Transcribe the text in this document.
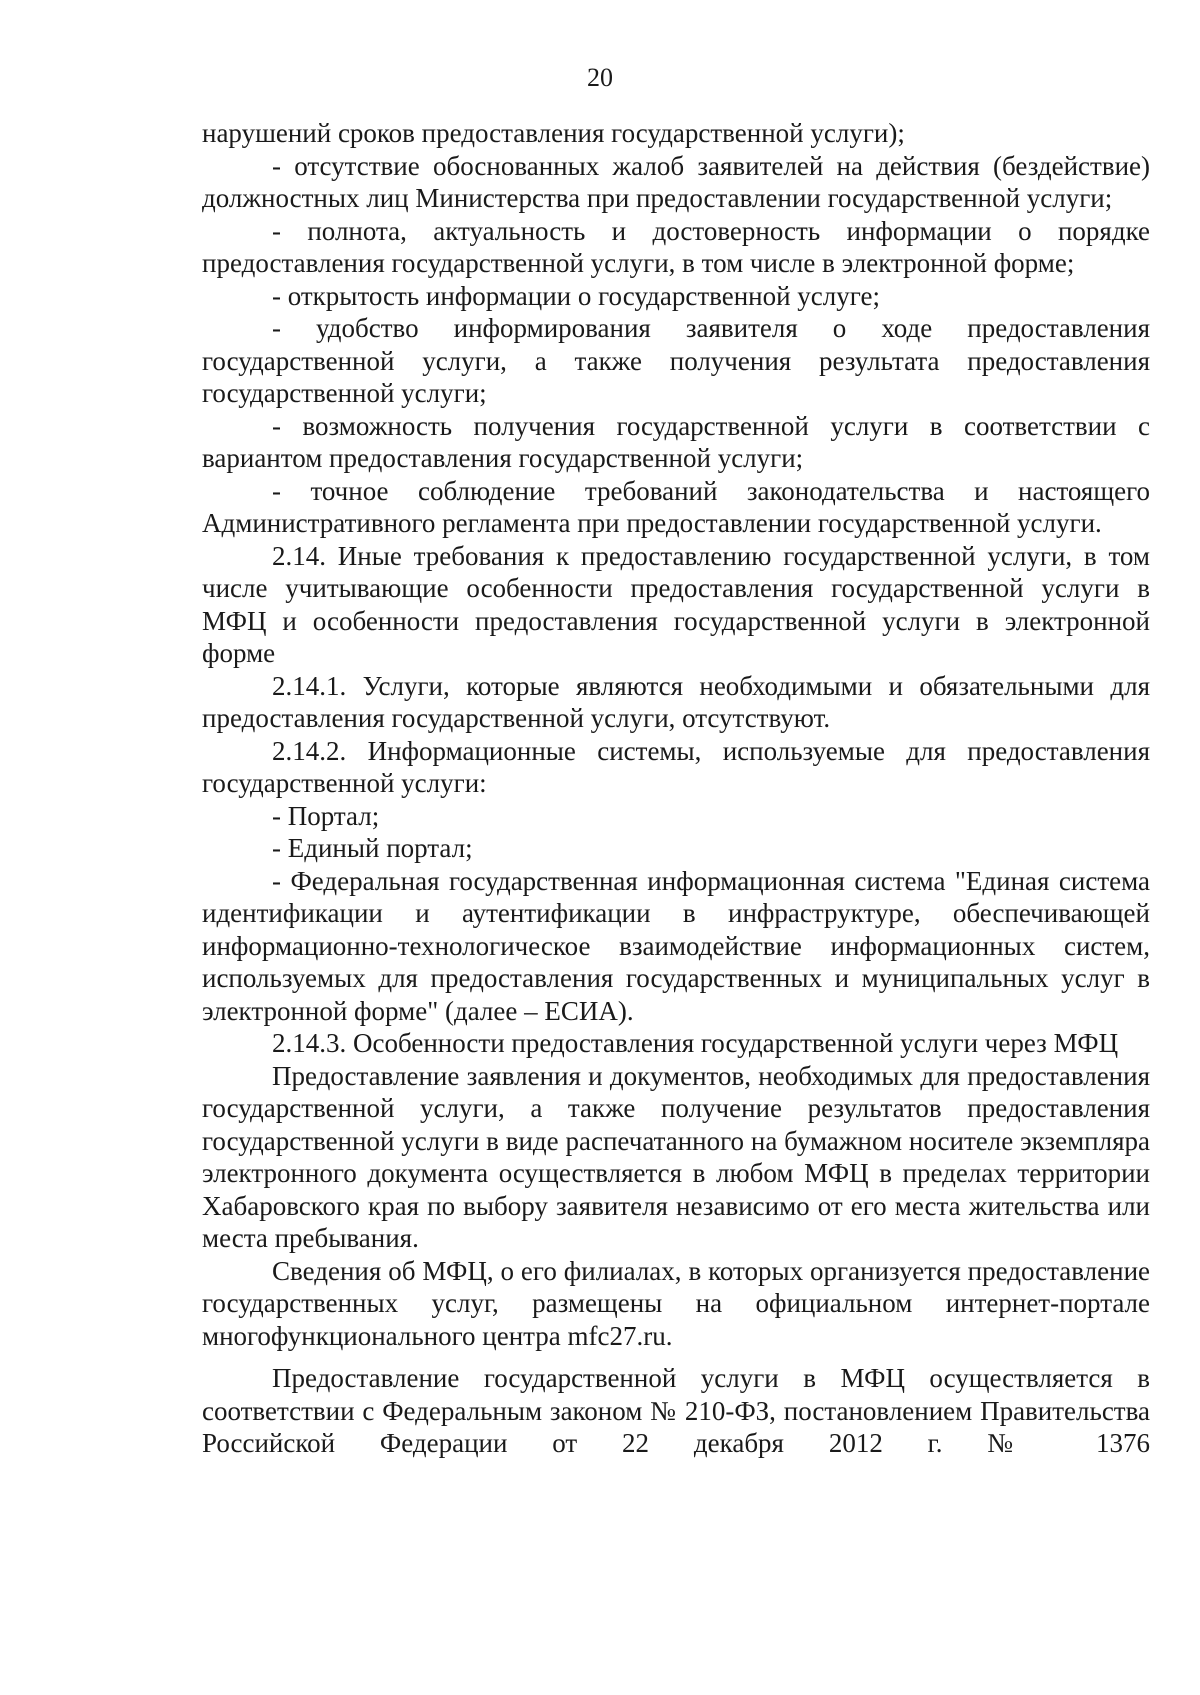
20

нарушений сроков предоставления государственной услуги);

- отсутствие обоснованных жалоб заявителей на действия (бездействие) должностных лиц Министерства при предоставлении государственной услуги;

- полнота, актуальность и достоверность информации о порядке предоставления государственной услуги, в том числе в электронной форме;

- открытость информации о государственной услуге;

- удобство информирования заявителя о ходе предоставления государственной услуги, а также получения результата предоставления государственной услуги;

- возможность получения государственной услуги в соответствии с вариантом предоставления государственной услуги;

- точное соблюдение требований законодательства и настоящего Административного регламента при предоставлении государственной услуги.

2.14. Иные требования к предоставлению государственной услуги, в том числе учитывающие особенности предоставления государственной услуги в МФЦ и особенности предоставления государственной услуги в электронной форме

2.14.1. Услуги, которые являются необходимыми и обязательными для предоставления государственной услуги, отсутствуют.

2.14.2. Информационные системы, используемые для предоставления государственной услуги:

- Портал;

- Единый портал;

- Федеральная государственная информационная система "Единая система идентификации и аутентификации в инфраструктуре, обеспечивающей информационно-технологическое взаимодействие информационных систем, используемых для предоставления государственных и муниципальных услуг в электронной форме" (далее – ЕСИА).

2.14.3. Особенности предоставления государственной услуги через МФЦ

Предоставление заявления и документов, необходимых для предоставления государственной услуги, а также получение результатов предоставления государственной услуги в виде распечатанного на бумажном носителе экземпляра электронного документа осуществляется в любом МФЦ в пределах территории Хабаровского края по выбору заявителя независимо от его места жительства или места пребывания.

Сведения об МФЦ, о его филиалах, в которых организуется предоставление государственных услуг, размещены на официальном интернет-портале многофункционального центра mfc27.ru.

Предоставление государственной услуги в МФЦ осуществляется в соответствии с Федеральным законом № 210-ФЗ, постановлением Правительства Российской Федерации от 22 декабря 2012 г. № 1376
